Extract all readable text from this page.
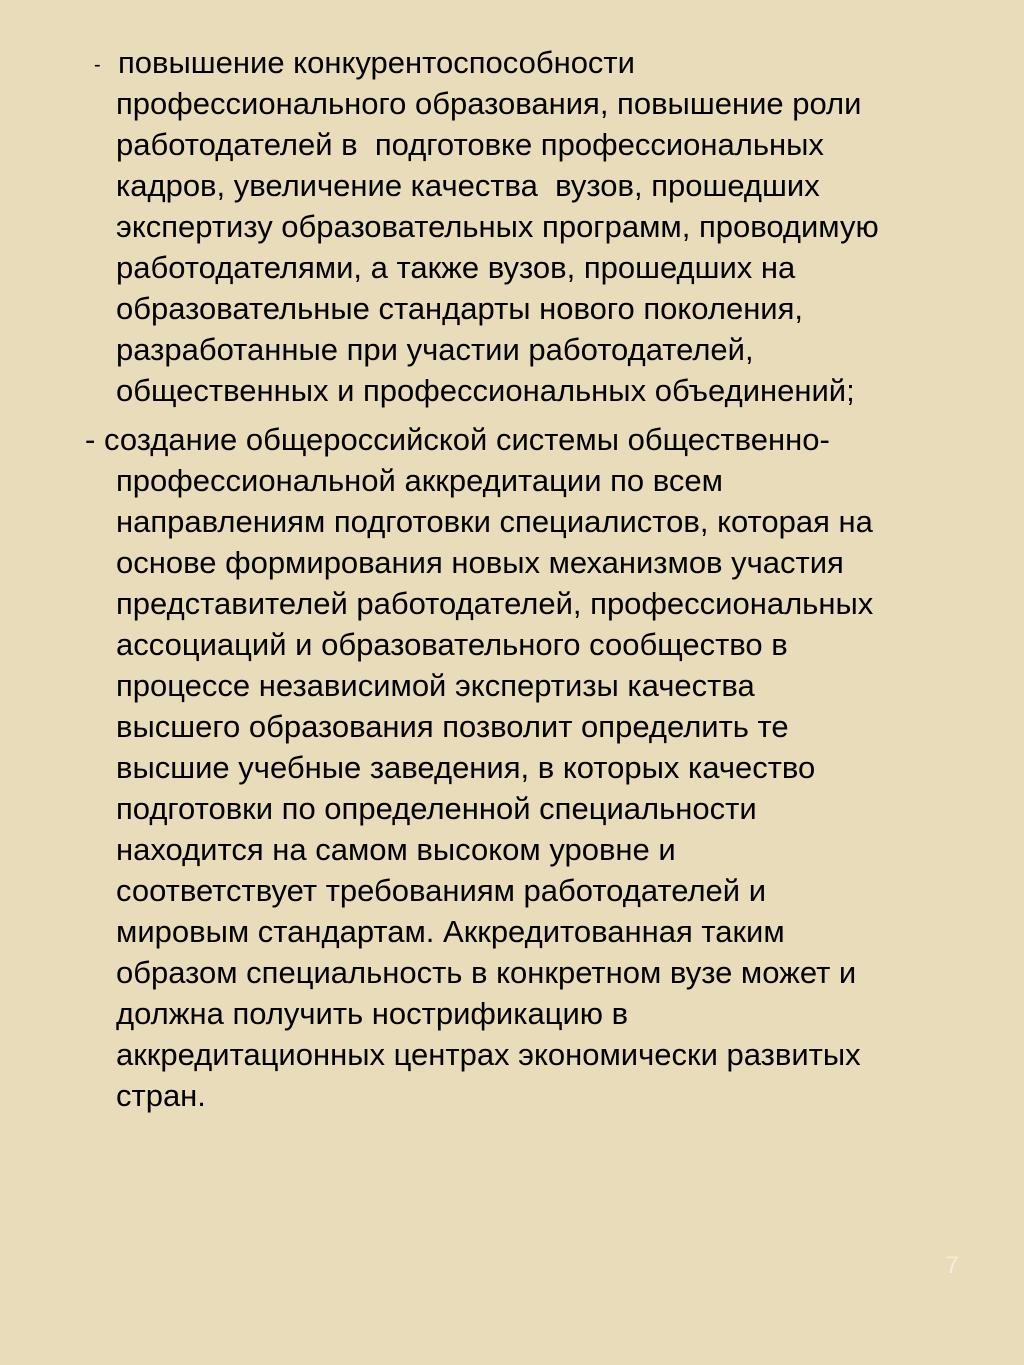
- повышение конкурентоспособности
профессионального образования, повышение роли
работодателей в  подготовке профессиональных
кадров, увеличение качества  вузов, прошедших
экспертизу образовательных программ, проводимую
работодателями, а также вузов, прошедших на
образовательные стандарты нового поколения,
разработанные при участии работодателей,
общественных и профессиональных объединений;
- создание общероссийской системы общественно-
профессиональной аккредитации по всем
направлениям подготовки специалистов, которая на
основе формирования новых механизмов участия
представителей работодателей, профессиональных
ассоциаций и образовательного сообщество в
процессе независимой экспертизы качества
высшего образования позволит определить те
высшие учебные заведения, в которых качество
подготовки по определенной специальности
находится на самом высоком уровне и
соответствует требованиям работодателей и
мировым стандартам. Аккредитованная таким
образом специальность в конкретном вузе может и
должна получить нострификацию в
аккредитационных центрах экономически развитых
стран.
7
